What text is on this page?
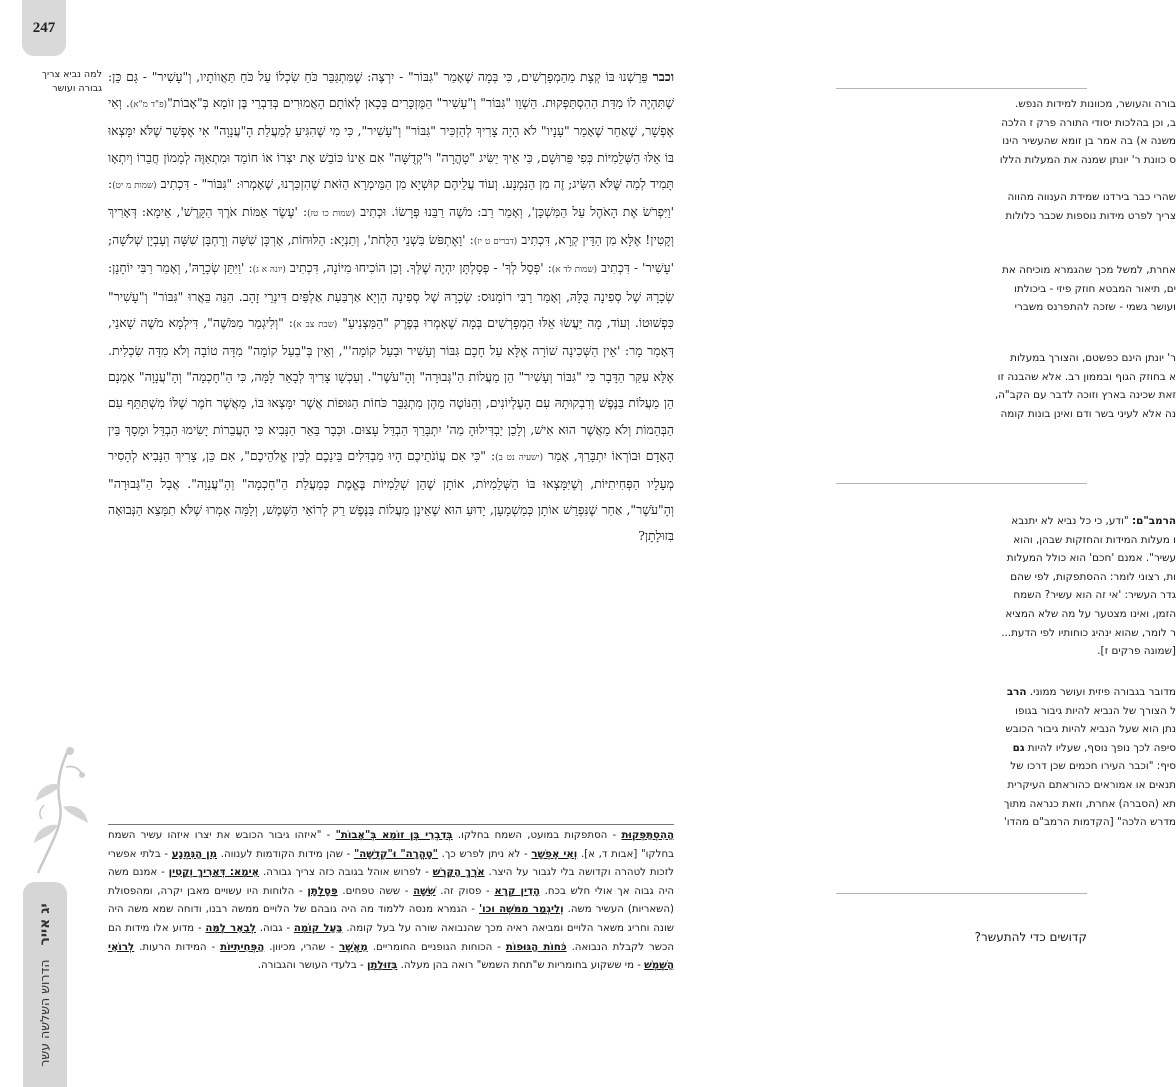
247
למה נביא צריך גבורה ועושר
וכבר פֵּרַשְׁנוּ בּוֹ קְצָת מֵהַמְפָרְשִׁים, כִּי בְּמָה שֶׁאָמַר "גִּבּוֹר" - יִרְצֶה: שֶׁמִּתְגַּבֵּר כֹּחַ שִׂכְלוֹ עַל כֹּחַ תַּאֲווֹתָיו, וְ"עָשִׁיר" - גַּם כֵּן: שֶׁתִּהְיֶה לוֹ מִדַּת הַהִסְתַּפְּקוּת. הַשְׁוֵו "גִּבּוֹר" וְ"עָשִׁיר" הַמֻּזְכָּרִים בְּכָאן לְאוֹתָם הָאֲמוּרִים בְּדִבְרֵי בֶּן זוֹמָא בְּ"אָבוֹת"(פ"ד מ"א). וְאִי אֶפְשָׁר, שֶׁאַחַר שֶׁאָמַר "עָנָיו" לֹא הָיָה צָרִיךְ לְהַזְכִּיר "גִּבּוֹר" וְ"עָשִׁיר", כִּי מִי שֶׁהִגִּיעַ לְמַעֲלַת הָ"עֲנָוָה" אִי אֶפְשָׁר שֶׁלֹּא יִמָּצְאוּ בּוֹ אֵלּוּ הַשְּׁלֵמִיּוֹת כְּפִי פֵּרוּשָׁם, כִּי אֵיךְ יַשִּׂיג "טָהֳרָה" וּ"קְדֻשָּׁה" אִם אֵינוֹ כּוֹבֵשׁ אֶת יִצְרוֹ אוֹ חוֹמֵד וּמִתְאַוֶּה לְמָמוֹן חֲבֵרוֹ וְיִתְאָו תָּמִיד לְמַה שֶּׁלֹּא הִשִּׂיג; זֶה מִן הַנִּמְנָע. וְעוֹד עֲלֵיהֶם קוּשְׁיָא מִן הַמֵּימְרָא הַזֹּאת שֶׁהִזְכַּרְנוּ, שֶׁאָמְרוּ: "גִּבּוֹר" - דִּכְתִיב (שמות מ יט): 'וַיִּפְרֹשׂ אֶת הָאֹהֶל עַל הַמִּשְׁכָּן', וְאָמַר רַב: מֹשֶׁה רַבֵּנוּ פְּרָשׂוֹ. וּכְתִיב (שמות כו טז): 'עֶשֶׂר אַמּוֹת אֹרֶךְ הַקָּרֶשׁ', אֵימָא: דְּאָרִיךְ וְקָטִין! אֶלָּא מִן הַדֵּין קְרָא, דִּכְתִיב (דברים ט יז): 'וָאֶתְפֹּשׂ בִּשְׁנֵי הַלֻּחֹת', וְתַנְיָא: הַלּוּחוֹת, אָרְכָּן שִׁשָּׁה וְרָחְבָּן שִׁשָּׁה וְעָבְיָן שְׁלֹשָׁה; 'עָשִׁיר' - דִּכְתִיב (שמות לד א): 'פְּסָל לְךָ' - פְּסָלְתָּן יִהְיֶה שֶׁלְּךָ. וְכֵן הוֹכִיחוּ מִיּוֹנָה, דִּכְתִיב (יונה א ג): 'וַיִּתֵּן שְׂכָרָהּ', וְאָמַר רַבִּי יוֹחָנָן: שְׂכָרָהּ שֶׁל סְפִינָה כֻּלָּהּ, וְאָמַר רַבִּי רוֹמָנוּס: שְׂכָרָהּ שֶׁל סְפִינָה הָוְיָא אַרְבַּעַת אַלְפַּיִם דִּינְרֵי זָהָב. הִנֵּה בֵּאֲרוּ "גִּבּוֹר" וְ"עָשִׁיר" כִּפְשׁוּטוֹ. וְעוֹד, מָה יַּעֲשׂוּ אֵלּוּ הַמְפָרְשִׁים בְּמָה שֶׁאָמְרוּ בְּפֶרֶק "הַמַּצְנִיעַ" (שבת צב א): "וְלִיגְמַר מִמֹּשֶׁה", דִּילְמָא מֹשֶׁה שָׁאנֵי, דְּאָמַר מָר: 'אֵין הַשְּׁכִינָה שׁוֹרָה אֶלָּא עַל חָכָם גִּבּוֹר וְעָשִׁיר וּבַעַל קוֹמָה'", וְאֵין בְּ"בַעַל קוֹמָה" מִדָּה טוֹבָה וְלֹא מִדָּה שִׂכְלִית. אֶלָּא עִקַּר הַדָּבָר כִּי "גִּבּוֹר וְעָשִׁיר" הֵן מַעֲלוֹת הַ"גְּבוּרָה" וְהָ"עֹשֶׁר". וְעַכְשָׁו צָרִיךְ לְבָאֵר לָמָּה, כִּי הַ"חָכְמָה" וְהָ"עֲנָוָה" אָמְנָם הֵן מַעֲלוֹת בַּנֶּפֶשׁ וְדִבְקוּתָהּ עִם הָעֶלְיוֹנִים, וְהַנּוֹטֶה מֵהֶן מִתְגַּבֵּר כֹּחוֹת הַגּוּפוֹת אֲשֶׁר יִמָּצְאוּ בּוֹ, מֵאֲשֶׁר חֹמֶר שֶׁלּוֹ מִשְׁתַּתֵּף עִם הַבְּהֵמוֹת וְלֹא מֵאֲשֶׁר הוּא אִישׁ, וְלָכֵן יַבְדִּילוּהָ מַה' יִתְבָּרַךְ הַבְדֵּל עָצוּם. וּכְבָר בֵּאֵר הַנָּבִיא כִּי הָעֲבֵרוֹת יָשִׂימוּ הַבְדֵּל וּמָסָךְ בֵּין הָאָדָם וּבוֹרְאוֹ יִתְבָּרַךְ, אָמַר (ישעיה נט ב): "כִּי אִם עֲוֹנֹתֵיכֶם הָיוּ מַבְדִּלִים בֵּינֵכֶם לְבֵין אֱלֹהֵיכֶם", אִם כֵּן, צָרִיךְ הַנָּבִיא לְהָסִיר מְעָלָיו הַפְּחִיתִיּוֹת, וְשֶׁיִּמָּצְאוּ בּוֹ הַשְּׁלֵמִיּוֹת, אוֹתָן שֶׁהֵן שְׁלֵמִיּוֹת בֶּאֱמֶת כְּמַעֲלַת הַ"חָכְמָה" וְהָ"עֲנָוָה". אֲבָל הַ"גְּבוּרָה" וְהָ"עֹשֶׁר", אַחַר שֶׁנִּפְרֵשׁ אוֹתָן כְּמַשְׁמָעָן, יָדוּעַ הוּא שֶׁאֵינָן מַעֲלוֹת בַּנֶּפֶשׁ רַק לְרוֹאֵי הַשֶּׁמֶשׁ, וְלָמָּה אָמְרוּ שֶׁלֹּא תִמָּצֵא הַנְּבוּאָה בִּזוּלָתָן?
הַהִסְתַּפְּקוּת - הסתפקות במועט, השמח בחלקו. בְּדִבְרֵי בֶּן זוֹמָא בְּ"אָבוֹת" - "איזהו גיבור הכובש את יצרו איזהו עשיר השמח בחלקו" [אבות ד, א]. וְאִי אֶפְשָׁר - לא ניתן לפרש כך. "טָהֳרָה" וּ"קְדֻשָּׁה" - שהן מידות הקודמות לענווה. מִן הַנִּמְנָע - בלתי אפשרי לזכות לטהרה וקדושה בלי לגבור על היצר. אֹרֶךְ הַקָּרֶשׁ - לפרוש אוהל בגובה כזה צריך גבורה. אֵימָא: דְּאָרִיךְ וְקָטִין - אמנם משה היה גבוה אך אולי חלש בכח. הָדֵין קְרָא - פסוק זה. שִׁשָּׁה - ששה טפחים. פְּסָלְתָּן - הלוחות היו עשויים מאבן יקרה, ומהפסולת (השאריות) העשיר משה. וְלִיגְמַר מִמֹּשֶׁה וכו' - הגמרא מנסה ללמוד מה היה גובהם של הלויים ממשה רבנו, ודוחה שמא משה היה שונה וחריג משאר הלויים ומביאה ראיה מכך שהנבואה שורה על בעל קומה. בַּעַל קוֹמָה - גבוה. לְבָאֵר לָמָּה - מדוע אלו מידות הם הכשר לקבלת הנבואה. כֹּחוֹת הַגּוּפוֹת - הכוחות הגופניים החומריים. מֵאֲשֶׁר - שהרי, מכיוון. הַפְּחִיתִיּוֹת - המידות הרעות. לְרוֹאֵי הַשֶּׁמֶשׁ - מי ששקוע בחומריות ש"תחת השמש" רואה בהן מעלה. בִּזוּלָתָן - בלעדי העושר והגבורה.
יג אייר הדרוש השלשה עשר
בורה והעושר, מכוונות למידות הנפש.
ב, וכן בהלכות יסודי התורה פרק ז הלכה
משנה א) בה אמר בן זומא שהעשיר הינו
ס כוונת ר' יונתן שמנה את המעלות הללו
שהרי כבר בירדנו שמידת הענווה מהווה
צריך לפרט מידות נוספות שכבר כלולות
אחרת, למשל מכך שהגמרא מוכיחה את
ים, תיאור המבטא חוזק פיזי - ביכולתו
ועושר גשמי - שזכה להתפרנס משברי
ר' יונתן הינם כפשטם, והצורך במעלות
א בחוזק הגוף ובממון רב. אלא שהבנה זו
זאת שכינה בארץ וזוכה לדבר עם הקב"ה,
נה אלא לעיני בשר ודם ואינן בונות קומה
הרמב"ם: "ודע, כי כל נביא לא יתנבא
ו מעלות המידות והחזקות שבהן, והוא
עשיר". אמנם 'חכם' הוא כולל המעלות
ות, רצוני לומר: ההסתפקות, לפי שהם
גדר העשיר: 'אי זה הוא עשיר? השמח
הזמן, ואינו מצטער על מה שלא המציא
ר לומר, שהוא ינהיג כוחותיו לפי הדעת...
[שמונה פרקים ז].
מדובר בגבורה פיזית ועושר ממוני. הרב
ל הצורך של הנביא להיות גיבור בגופו
נתן הוא שעל הנביא להיות גיבור הכובש
סיפה לכך נופך נוסף, שעליו להיות גם
סיף: "וכבר העירו חכמים שכן דרכו של
תנאים או אמוראים כהוראתם העיקרית
תא (הסברה) אחרת, וזאת כנראה מתוך
מדרש הלכה" [הקדמות הרמב"ם מהדו'
קדושים כדי להתעשר?
